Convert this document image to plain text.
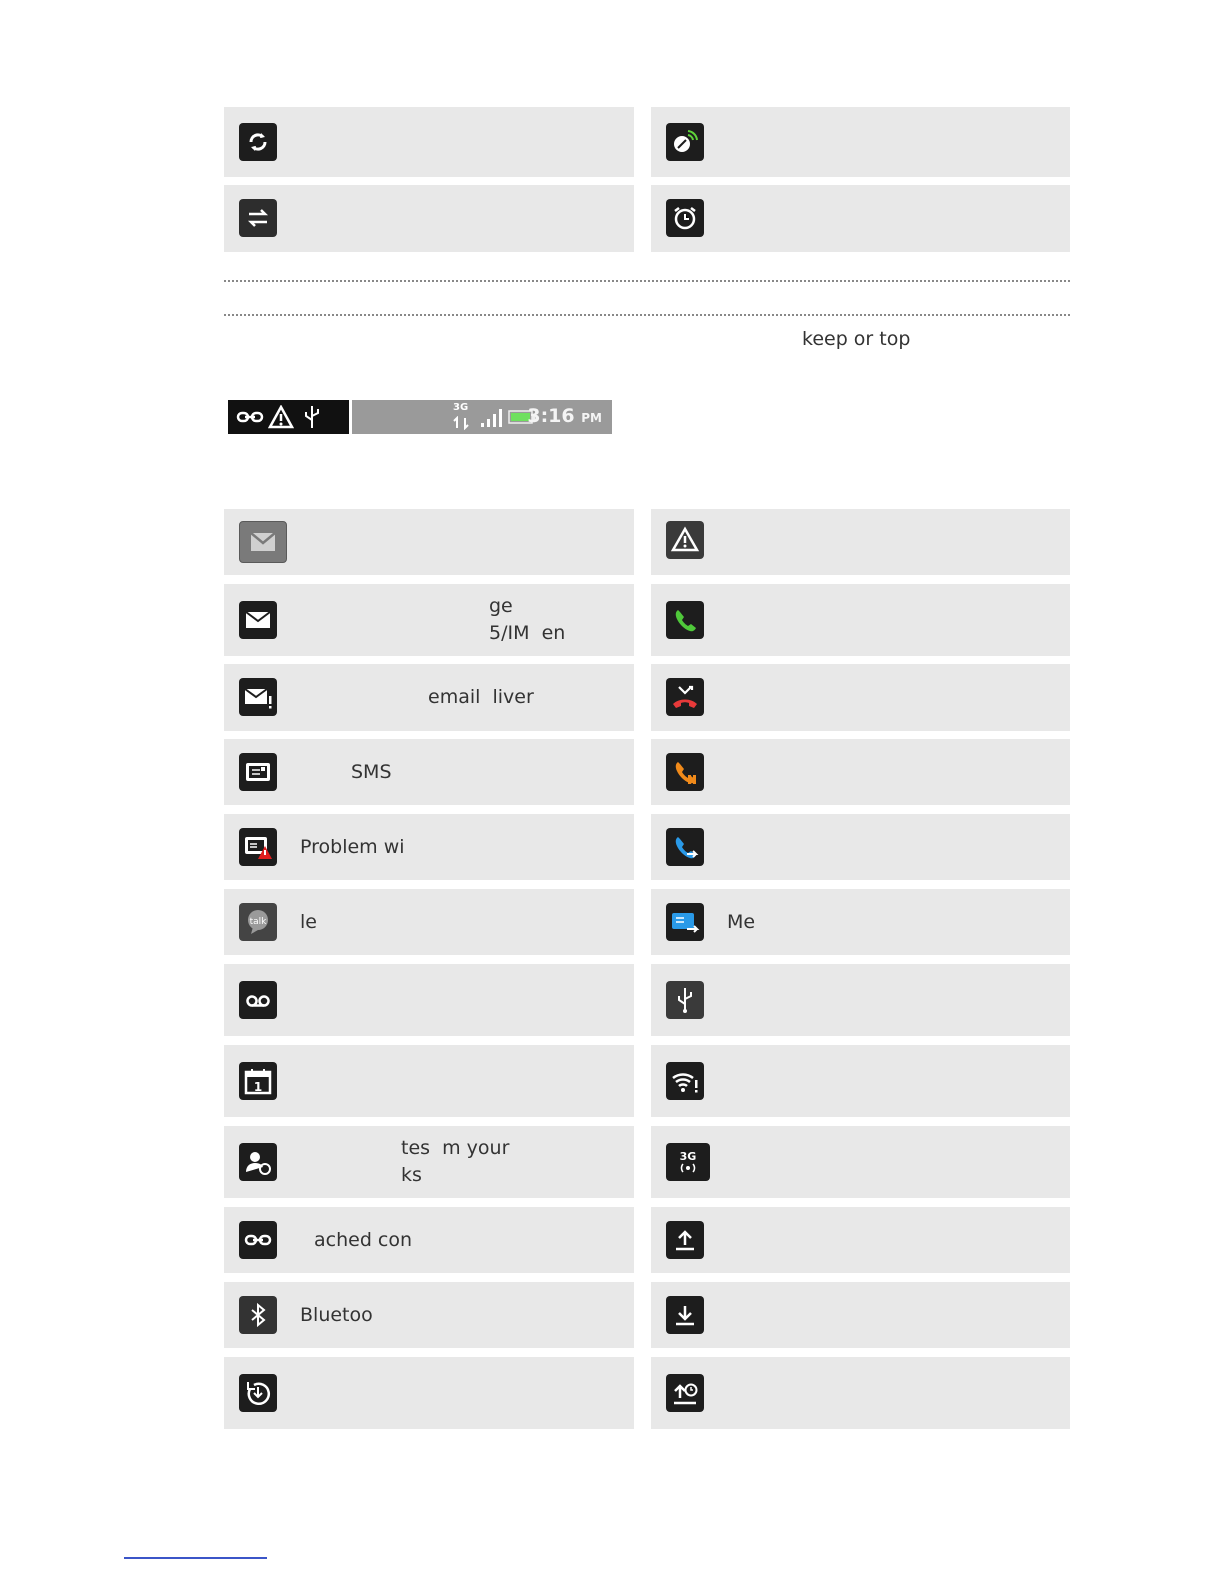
keep or top
3G	3:16 PM
ge
5/IM  en
email  liver
SMS
Problem wi
talk le	Me
1
tes  m your
ks
3G
ached con
Bluetoo
